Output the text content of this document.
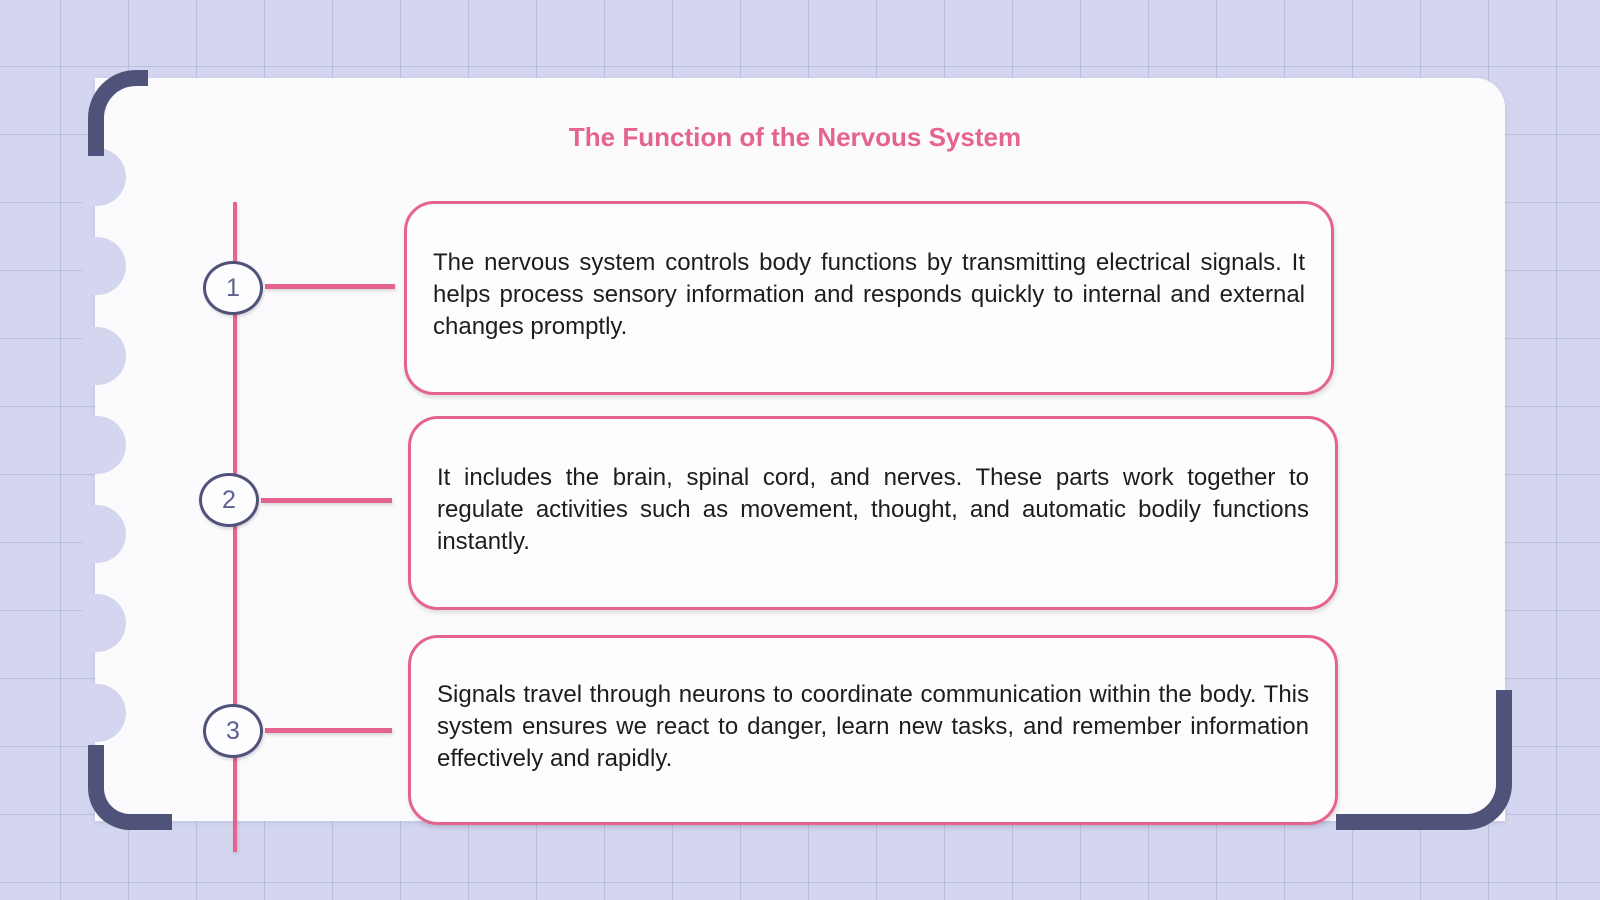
The Function of the Nervous System
1
2
3

The nervous system controls body functions by transmitting electrical signals. It helps process sensory information and responds quickly to internal and external changes promptly.

It includes the brain, spinal cord, and nerves. These parts work together to regulate activities such as movement, thought, and automatic bodily functions instantly.

Signals travel through neurons to coordinate communication within the body. This system ensures we react to danger, learn new tasks, and remember information effectively and rapidly.
